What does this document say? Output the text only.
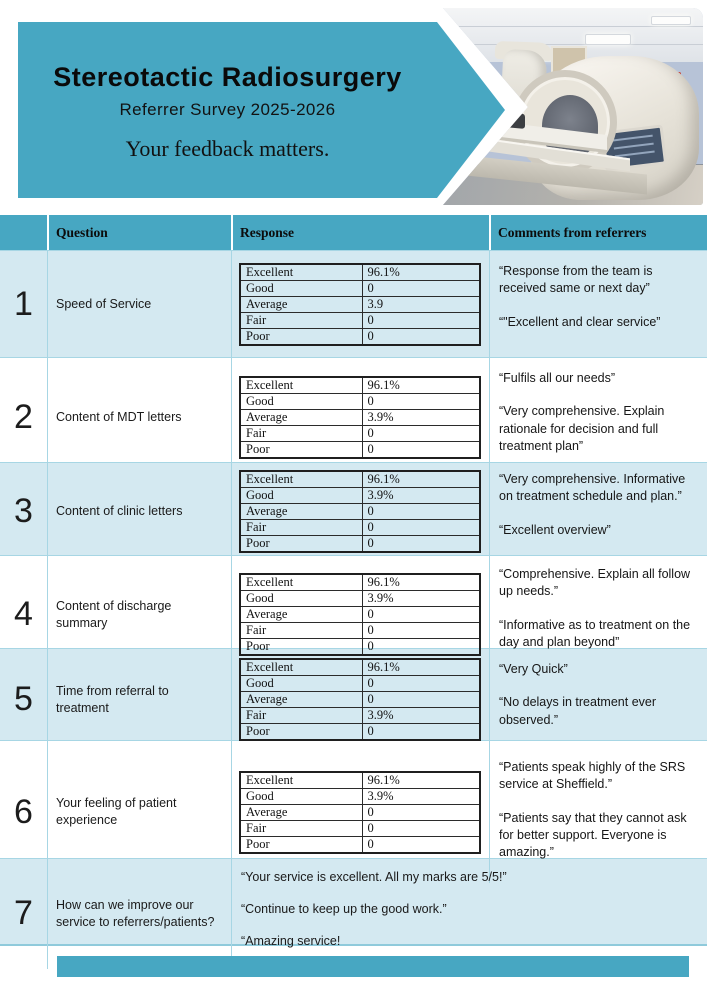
Stereotactic Radiosurgery
Referrer Survey 2025-2026
Your feedback matters.
Question	Response	Comments from referrers
1	Speed of Service
Excellent	96.1%
Good	0
Average	3.9
Fair	0
Poor	0

“Response from the team is received same or next day”

“"Excellent and clear service”

2	Content of MDT letters
Excellent	96.1%
Good	0
Average	3.9%
Fair	0
Poor	0

“Fulfils all our needs”

“Very comprehensive. Explain rationale for decision and full treatment plan”

3	Content of clinic letters
Excellent	96.1%
Good	3.9%
Average	0
Fair	0
Poor	0

“Very comprehensive. Informative on treatment schedule and plan.”

“Excellent overview”

4	Content of discharge summary
Excellent	96.1%
Good	3.9%
Average	0
Fair	0
Poor	0

“Comprehensive. Explain all follow up needs.”

“Informative as to treatment on the day and plan beyond”

5	Time from referral to treatment
Excellent	96.1%
Good	0
Average	0
Fair	3.9%
Poor	0

“Very Quick”

“No delays in treatment ever observed.”

6	Your feeling of patient experience
Excellent	96.1%
Good	3.9%
Average	0
Fair	0
Poor	0

“Patients speak highly of the SRS service at Sheffield.”

“Patients say that they cannot ask for better support. Everyone is amazing.”

7	How can we improve our service to referrers/patients?

“Your service is excellent. All my marks are 5/5!”

“Continue to keep up the good work.”

“Amazing service!
